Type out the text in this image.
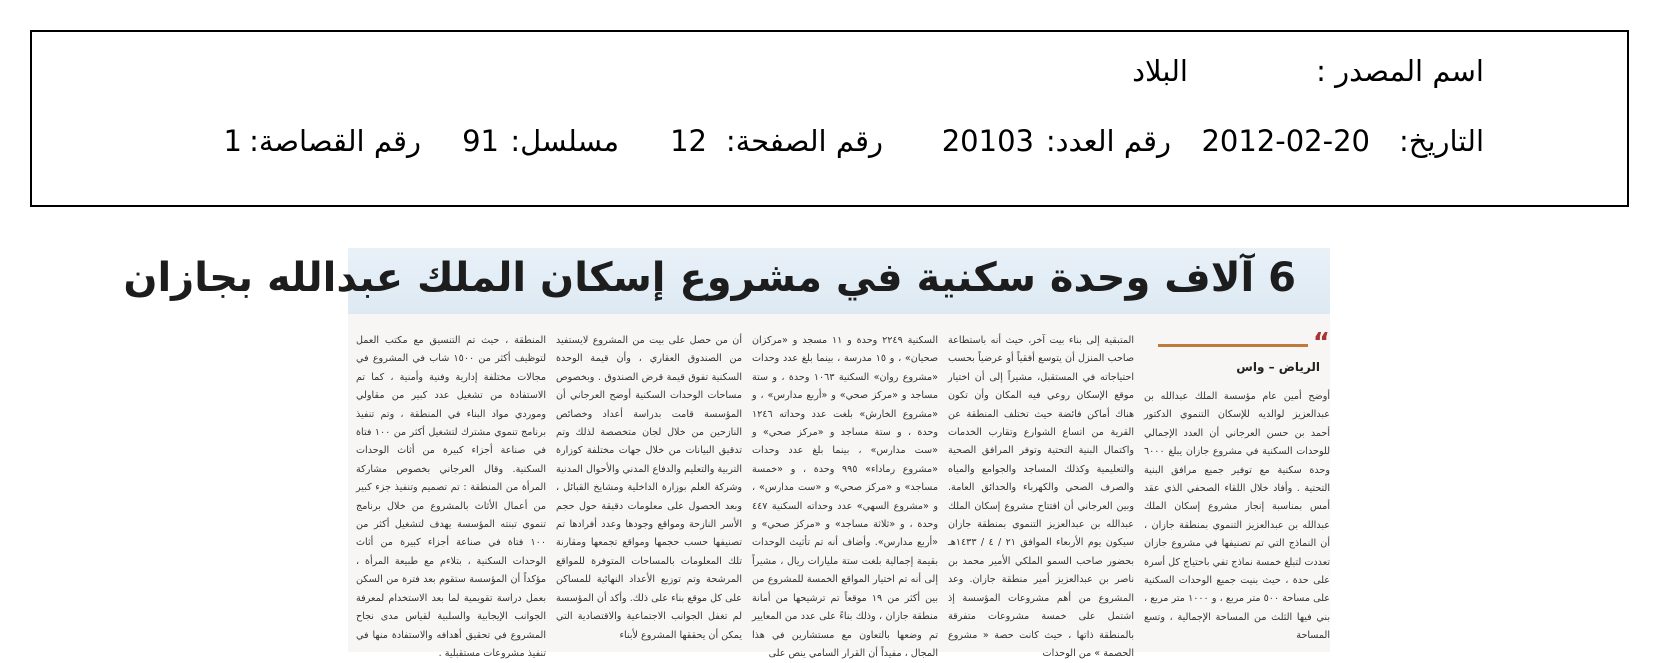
اسم المصدر :
البلاد
التاريخ:
2012-02-20
رقم العدد:
20103
رقم الصفحة:
12
مسلسل:
91
رقم القصاصة:
1
6 آلاف وحدة سكنية في مشروع إسكان الملك عبدالله بجازان
“
الرياض – واس
أوضح أمين عام مؤسسة الملك عبدالله بن عبدالعزيز لوالديه للإسكان التنموي الدكتور أحمد بن حسن العرجاني أن العدد الإجمالي للوحدات السكنية في مشروع جازان يبلغ ٦٠٠٠ وحدة سكنية مع توفير جميع مرافق البنية التحتية . وأفاد خلال اللقاء الصحفي الذي عقد أمس بمناسبة إنجاز مشروع إسكان الملك عبدالله بن عبدالعزيز التنموي بمنطقة جازان ، أن النماذج التي تم تصنيفها في مشروع جازان تعددت لتبلغ خمسة نماذج تفي باحتياج كل أسرة على حدة ، حيث بنيت جميع الوحدات السكنية على مساحة ٥٠٠ متر مربع ، و ١٠٠٠ متر مربع ، بني فيها الثلث من المساحة الإجمالية ، وتسع المساحة
المتبقية إلى بناء بيت آخر، حيث أنه باستطاعة صاحب المنزل أن يتوسع أفقياً أو عرضياً بحسب احتياجاته في المستقبل، مشيراً إلى أن اختيار موقع الإسكان روعي فيه المكان وأن تكون هناك أماكن فائضة حيث تختلف المنطقة عن القرية من اتساع الشوارع وتقارب الخدمات واكتمال البنية التحتية وتوفر المرافق الصحية والتعليمية وكذلك المساجد والجوامع والمياه والصرف الصحي والكهرباء والحدائق العامة. وبين العرجاني أن افتتاح مشروع إسكان الملك عبدالله بن عبدالعزيز التنموي بمنطقة جازان سيكون يوم الأربعاء الموافق ٢١ / ٤ / ١٤٣٣هـ بحضور صاحب السمو الملكي الأمير محمد بن ناصر بن عبدالعزيز أمير منطقة جازان. وعد المشروع من أهم مشروعات المؤسسة إذ اشتمل على خمسة مشروعات متفرقة بالمنطقة ذاتها ، حيث كانت حصة « مشروع الحصمة » من الوحدات
السكنية ٢٢٤٩ وحدة و ١١ مسجد و «مركزان صحيان» ، و ١٥ مدرسة ، بينما بلغ عدد وحدات «مشروع روان» السكنية ١٠٦٣ وحدة ، و ستة مساجد و «مركز صحي» و «أربع مدارس» ، و «مشروع الخارش» بلغت عدد وحداته ١٢٤٦ وحدة ، و ستة مساجد و «مركز صحي» و «ست مدارس» ، بينما بلغ عدد وحدات «مشروع رماداء» ٩٩٥ وحدة ، و «خمسة مساجد» و «مركز صحي» و «ست مدارس» ، و «مشروع السهي» عدد وحداته السكنية ٤٤٧ وحدة ، و «ثلاثة مساجد» و «مركز صحي» و «أربع مدارس». وأضاف أنه تم تأثيث الوحدات بقيمة إجمالية بلغت ستة مليارات ريال ، مشيراً إلى أنه تم اختيار المواقع الخمسة للمشروع من بين أكثر من ١٩ موقعاً تم ترشيحها من أمانة منطقة جازان ، وذلك بناءً على عدد من المعايير تم وضعها بالتعاون مع مستشارين في هذا المجال ، مفيداً أن القرار السامي ينص على
أن من حصل على بيت من المشروع لايستفيد من الصندوق العقاري ، وأن قيمة الوحدة السكنية تفوق قيمة قرض الصندوق . وبخصوص مساحات الوحدات السكنية أوضح العرجاني أن المؤسسة قامت بدراسة أعداد وخصائص النازحين من خلال لجان متخصصة لذلك وتم تدقيق البيانات من خلال جهات مختلفة كوزارة التربية والتعليم والدفاع المدني والأحوال المدنية وشركة العلم بوزارة الداخلية ومشايخ القبائل ، وبعد الحصول على معلومات دقيقة حول حجم الأسر النازحة ومواقع وجودها وعدد أفرادها تم تصنيفها حسب حجمها ومواقع تجمعها ومقارنة تلك المعلومات بالمساحات المتوفرة للمواقع المرشحة وتم توزيع الأعداد النهائية للمساكن على كل موقع بناء على ذلك. وأكد أن المؤسسة لم تغفل الجوانب الاجتماعية والاقتصادية التي يمكن أن يحققها المشروع لأبناء
المنطقة ، حيث تم التنسيق مع مكتب العمل لتوظيف أكثر من ١٥٠٠ شاب في المشروع في مجالات مختلفة إدارية وفنية وأمنية ، كما تم الاستفادة من تشغيل عدد كبير من مقاولي وموردي مواد البناء في المنطقة ، وتم تنفيذ برنامج تنموي مشترك لتشغيل أكثر من ١٠٠ فتاة في صناعة أجزاء كبيرة من أثاث الوحدات السكنية. وقال العرجاني بخصوص مشاركة المرأة من المنطقة : تم تصميم وتنفيذ جزء كبير من أعمال الأثاث بالمشروع من خلال برنامج تنموي تبنته المؤسسة يهدف لتشغيل أكثر من ١٠٠ فتاة في صناعة أجزاء كبيرة من أثاث الوحدات السكنية ، بتلاءم مع طبيعة المرأة ، مؤكداً أن المؤسسة ستقوم بعد فترة من السكن بعمل دراسة تقويمية لما بعد الاستخدام لمعرفة الجوانب الإيجابية والسلبية لقياس مدى نجاح المشروع في تحقيق أهدافه والاستفادة منها في تنفيذ مشروعات مستقبلية .
